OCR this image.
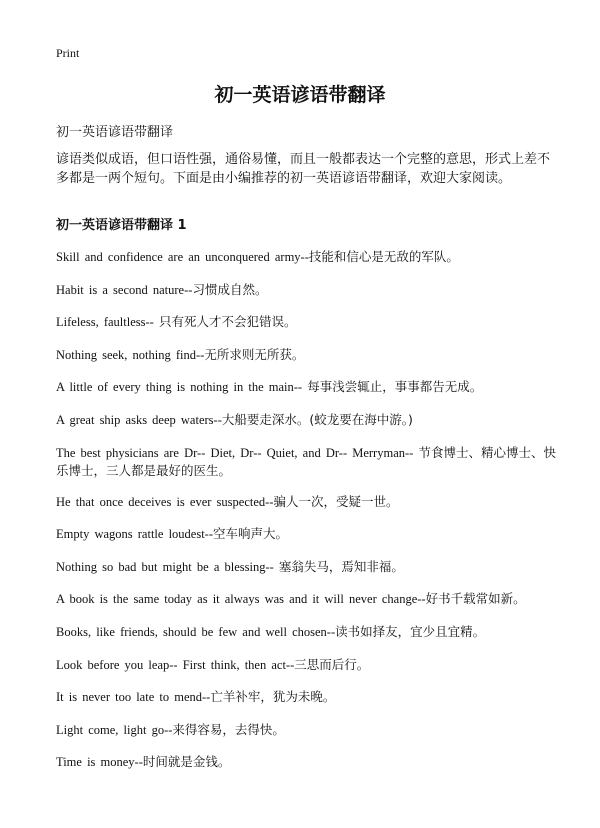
Print
初一英语谚语带翻译
初一英语谚语带翻译
谚语类似成语，但口语性强，通俗易懂，而且一般都表达一个完整的意思，形式上差不多都是一两个短句。下面是由小编推荐的初一英语谚语带翻译，欢迎大家阅读。
初一英语谚语带翻译 1
Skill and confidence are an unconquered army--技能和信心是无敌的军队。
Habit is a second nature--习惯成自然。
Lifeless, faultless-- 只有死人才不会犯错误。
Nothing seek, nothing find--无所求则无所获。
A little of every thing is nothing in the main-- 每事浅尝辄止，事事都告无成。
A great ship asks deep waters--大船要走深水。(蛟龙要在海中游。)
The best physicians are Dr-- Diet, Dr-- Quiet, and Dr-- Merryman-- 节食博士、精心博士、快乐博士，三人都是最好的医生。
He that once deceives is ever suspected--骗人一次，受疑一世。
Empty wagons rattle loudest--空车响声大。
Nothing so bad but might be a blessing-- 塞翁失马，焉知非福。
A book is the same today as it always was and it will never change--好书千载常如新。
Books, like friends, should be few and well chosen--读书如择友，宜少且宜精。
Look before you leap-- First think, then act--三思而后行。
It is never too late to mend--亡羊补牢，犹为未晚。
Light come, light go--来得容易，去得快。
Time is money--时间就是金钱。
